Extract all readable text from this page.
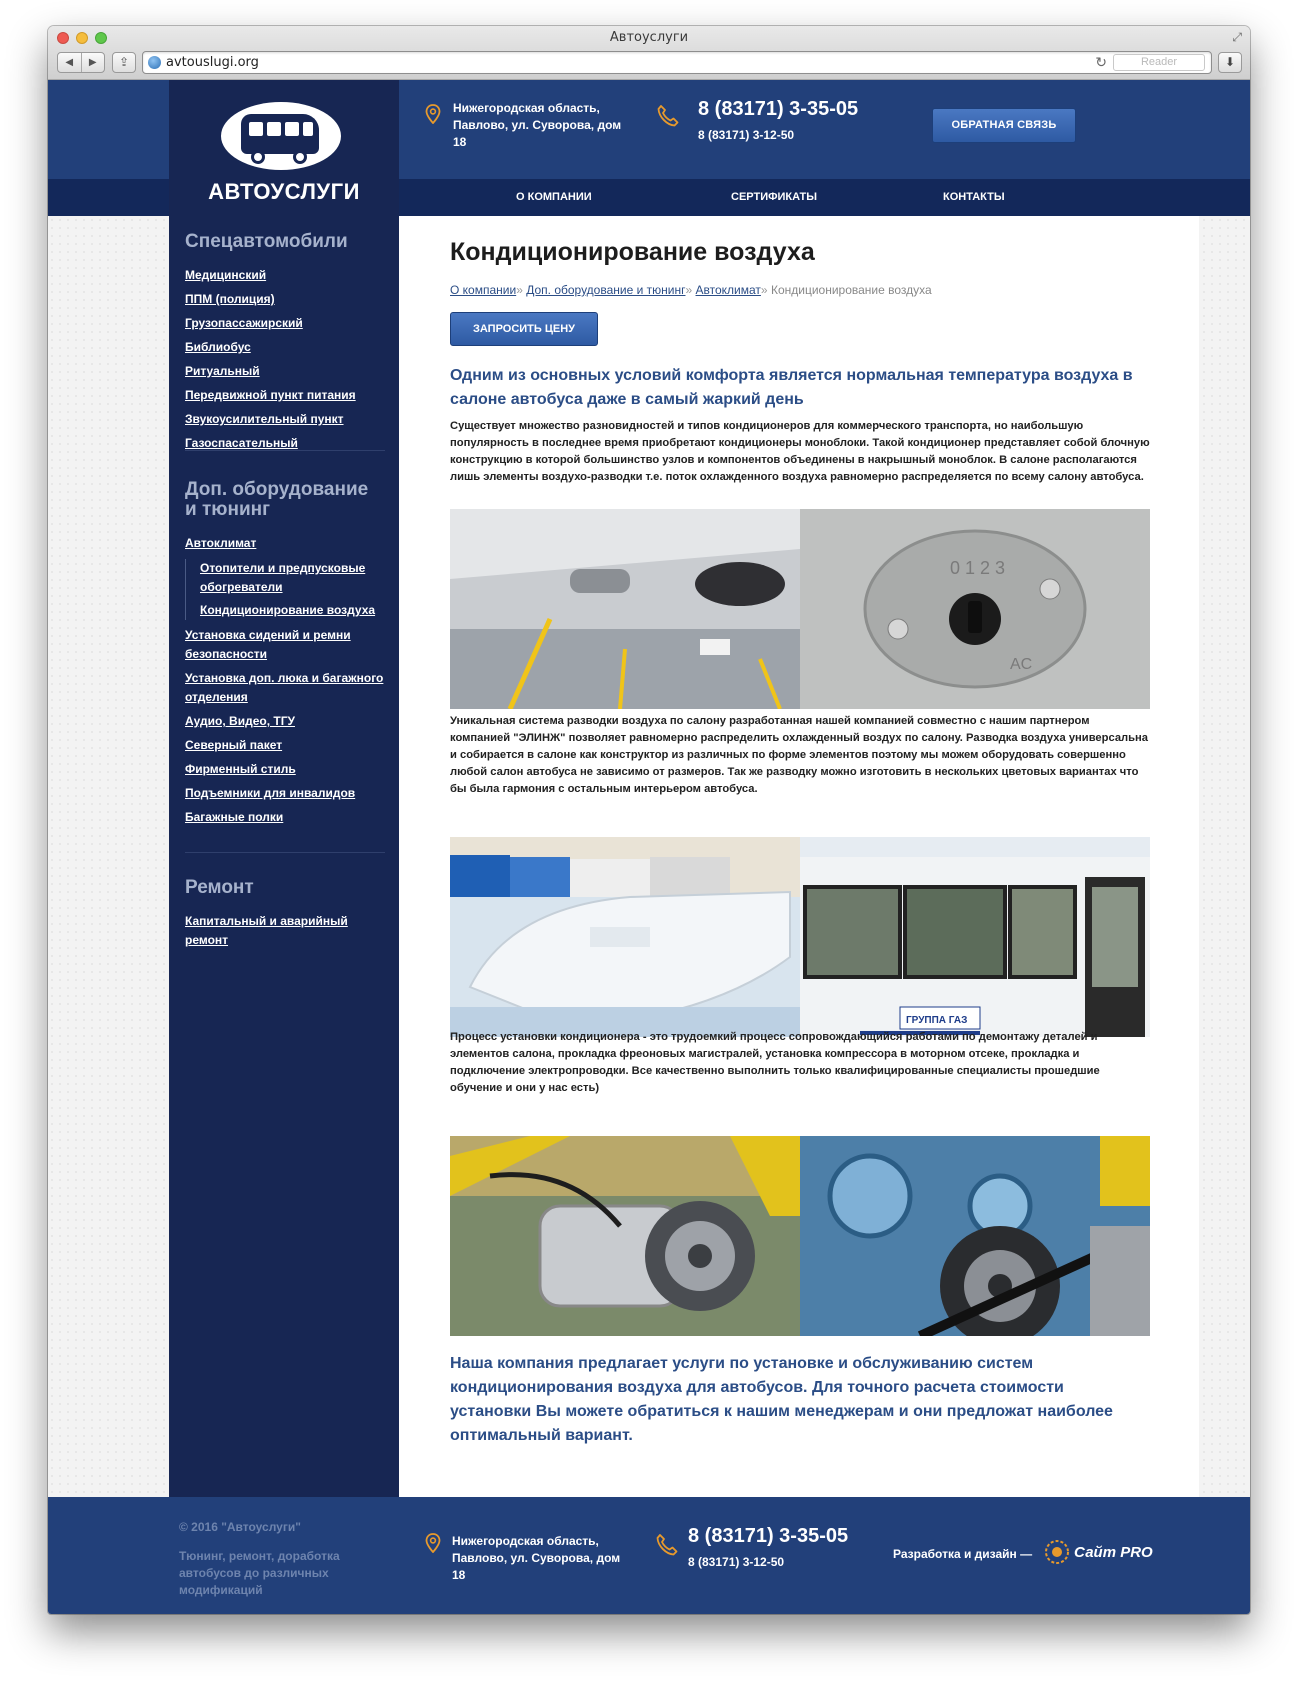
Автоуслуги	⤢
◀	▶	⇪	avtouslugi.org	↻	Reader	⬇
АВТОУСЛУГИ
Спецавтомобили
Медицинский
ППМ (полиция)
Грузопассажирский
Библиобус
Ритуальный
Передвижной пункт питания
Звукоусилительный пункт
Газоспасательный
Доп. оборудование и тюнинг
Автоклимат
Отопители и предпусковые обогреватели
Кондиционирование воздуха
Установка сидений и ремни безопасности
Установка доп. люка и багажного отделения
Аудио, Видео, ТГУ
Северный пакет
Фирменный стиль
Подъемники для инвалидов
Багажные полки
Ремонт
Капитальный и аварийный ремонт
Нижегородская область, Павлово, ул. Суворова, дом 18
8 (83171) 3-35-05
8 (83171) 3-12-50
ОБРАТНАЯ СВЯЗЬ
О КОМПАНИИ	СЕРТИФИКАТЫ	КОНТАКТЫ
Кондиционирование воздуха
О компании» Доп. оборудование и тюнинг» Автоклимат» Кондиционирование воздуха
ЗАПРОСИТЬ ЦЕНУ
Одним из основных условий комфорта является нормальная температура воздуха в салоне автобуса даже в самый жаркий день
Существует множество разновидностей и типов кондиционеров для коммерческого транспорта, но наибольшую популярность в последнее время приобретают кондиционеры моноблоки. Такой кондиционер представляет собой блочную конструкцию в которой большинство узлов и компонентов объединены в накрышный моноблок. В салоне располагаются лишь элементы воздухо-разводки т.е. поток охлажденного воздуха равномерно распределяется по всему салону автобуса.
0 1 2 3
AC
Уникальная система разводки воздуха по салону разработанная нашей компанией совместно с нашим партнером компанией "ЭЛИНЖ" позволяет равномерно распределить охлажденный воздух по салону. Разводка воздуха универсальна и собирается в салоне как конструктор из различных по форме элементов поэтому мы можем оборудовать совершенно любой салон автобуса не зависимо от размеров. Так же разводку можно изготовить в нескольких цветовых вариантах что бы была гармония с остальным интерьером автобуса.
ГРУППА ГАЗ
Процесс установки кондиционера - это трудоемкий процесс сопровождающийся работами по демонтажу деталей и элементов салона, прокладка фреоновых магистралей, установка компрессора в моторном отсеке, прокладка и подключение электропроводки. Все качественно выполнить только квалифицированные специалисты прошедшие обучение и они у нас есть)
Наша компания предлагает услуги по установке и обслуживанию систем кондиционирования воздуха для автобусов. Для точного расчета стоимости установки Вы можете обратиться к нашим менеджерам и они предложат наиболее оптимальный вариант.
© 2016 "Автоуслуги"
Тюнинг, ремонт, доработка автобусов до различных модификаций
Нижегородская область, Павлово, ул. Суворова, дом 18
8 (83171) 3-35-05
8 (83171) 3-12-50
Разработка и дизайн —	Сайт PRO
